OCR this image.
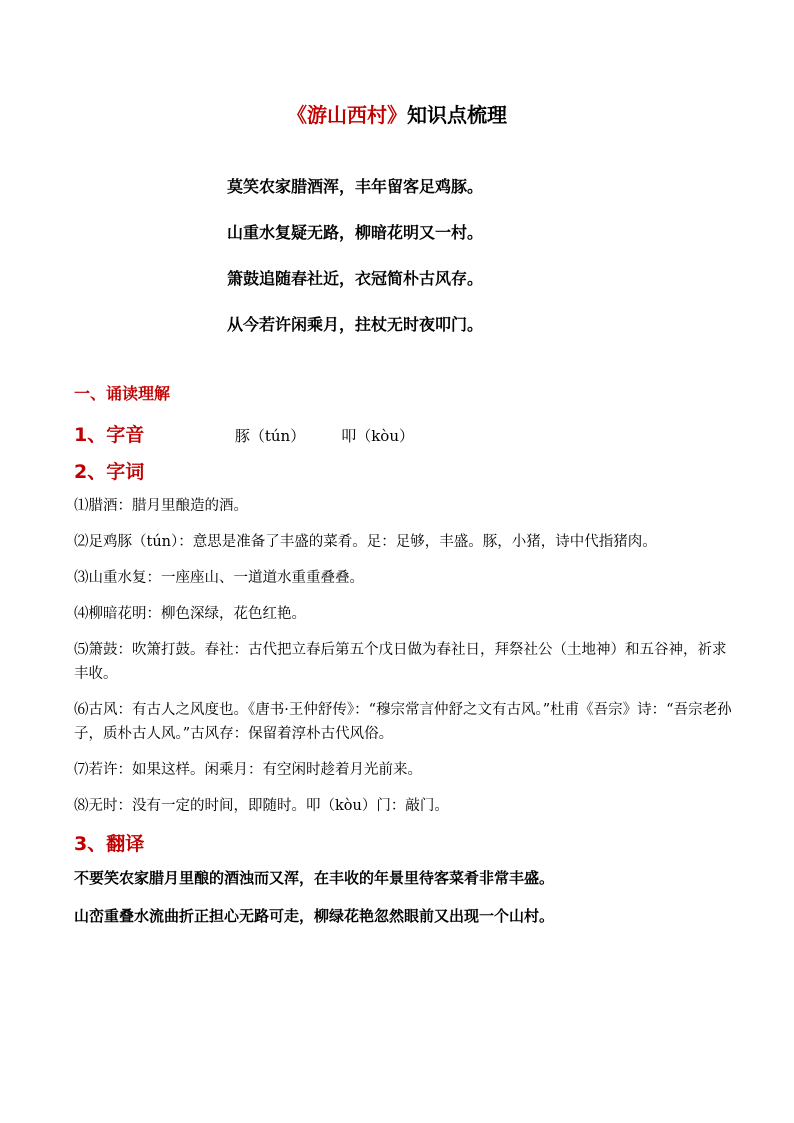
《游山西村》知识点梳理
莫笑农家腊酒浑，丰年留客足鸡豚。
山重水复疑无路，柳暗花明又一村。
箫鼓追随春社近，衣冠简朴古风存。
从今若许闲乘月，拄杖无时夜叩门。
一、诵读理解
1、字音	豚（tún） 叩（kòu）
2、字词

⑴腊酒：腊月里酿造的酒。

⑵足鸡豚（tún）：意思是准备了丰盛的菜肴。足：足够，丰盛。豚，小猪，诗中代指猪肉。

⑶山重水复：一座座山、一道道水重重叠叠。

⑷柳暗花明：柳色深绿，花色红艳。

⑸箫鼓：吹箫打鼓。春社：古代把立春后第五个戊日做为春社日，拜祭社公（土地神）和五谷神，祈求丰收。

⑹古风：有古人之风度也。《唐书·王仲舒传》：“穆宗常言仲舒之文有古风。”杜甫《吾宗》诗：“吾宗老孙子，质朴古人风。”古风存：保留着淳朴古代风俗。

⑺若许：如果这样。闲乘月：有空闲时趁着月光前来。

⑻无时：没有一定的时间，即随时。叩（kòu）门：敲门。

3、翻译

不要笑农家腊月里酿的酒浊而又浑，在丰收的年景里待客菜肴非常丰盛。

山峦重叠水流曲折正担心无路可走，柳绿花艳忽然眼前又出现一个山村。
